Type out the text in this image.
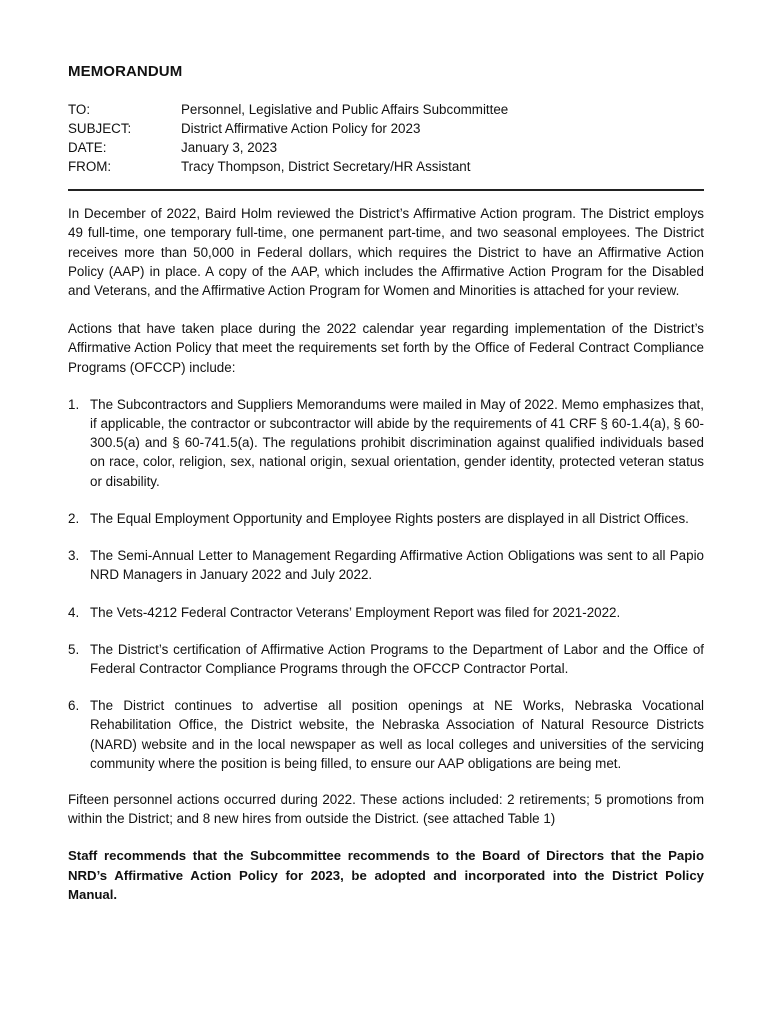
MEMORANDUM
TO:	Personnel, Legislative and Public Affairs Subcommittee
SUBJECT:	District Affirmative Action Policy for 2023
DATE:	January 3, 2023
FROM:	Tracy Thompson, District Secretary/HR Assistant

In December of 2022, Baird Holm reviewed the District’s Affirmative Action program. The District employs 49 full-time, one temporary full-time, one permanent part-time, and two seasonal employees. The District receives more than 50,000 in Federal dollars, which requires the District to have an Affirmative Action Policy (AAP) in place. A copy of the AAP, which includes the Affirmative Action Program for the Disabled and Veterans, and the Affirmative Action Program for Women and Minorities is attached for your review.

Actions that have taken place during the 2022 calendar year regarding implementation of the District’s Affirmative Action Policy that meet the requirements set forth by the Office of Federal Contract Compliance Programs (OFCCP) include:

1. The Subcontractors and Suppliers Memorandums were mailed in May of 2022. Memo emphasizes that, if applicable, the contractor or subcontractor will abide by the requirements of 41 CRF § 60-1.4(a), § 60-300.5(a) and § 60-741.5(a). The regulations prohibit discrimination against qualified individuals based on race, color, religion, sex, national origin, sexual orientation, gender identity, protected veteran status or disability.
2. The Equal Employment Opportunity and Employee Rights posters are displayed in all District Offices.
3. The Semi-Annual Letter to Management Regarding Affirmative Action Obligations was sent to all Papio NRD Managers in January 2022 and July 2022.
4. The Vets-4212 Federal Contractor Veterans’ Employment Report was filed for 2021-2022.
5. The District’s certification of Affirmative Action Programs to the Department of Labor and the Office of Federal Contractor Compliance Programs through the OFCCP Contractor Portal.
6. The District continues to advertise all position openings at NE Works, Nebraska Vocational Rehabilitation Office, the District website, the Nebraska Association of Natural Resource Districts (NARD) website and in the local newspaper as well as local colleges and universities of the servicing community where the position is being filled, to ensure our AAP obligations are being met.

Fifteen personnel actions occurred during 2022. These actions included: 2 retirements; 5 promotions from within the District; and 8 new hires from outside the District. (see attached Table 1)

Staff recommends that the Subcommittee recommends to the Board of Directors that the Papio NRD’s Affirmative Action Policy for 2023, be adopted and incorporated into the District Policy Manual.
